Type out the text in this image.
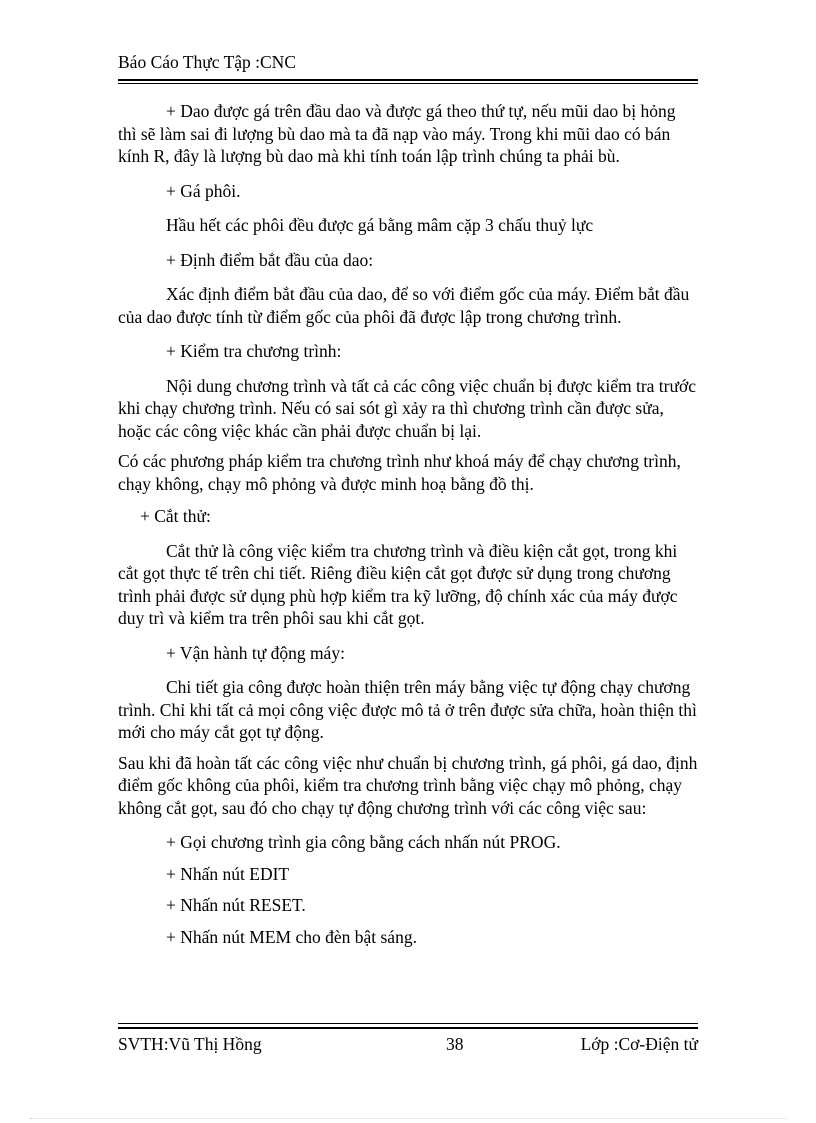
Báo Cáo Thực Tập :CNC

+ Dao được gá trên đầu dao và được gá theo thứ tự, nếu mũi dao bị hỏng thì sẽ làm sai đi lượng bù dao mà ta đã nạp vào máy. Trong khi mũi dao có bán kính R, đây là lượng bù dao mà khi tính toán lập trình chúng ta phải bù.

+ Gá phôi.

Hầu hết các phôi đều được gá bằng mâm cặp 3 chấu thuỷ lực

+ Định điểm bắt đầu của dao:

Xác định điểm bắt đầu của dao, để so với điểm gốc của máy. Điểm bắt đầu của dao được tính từ điểm gốc của phôi đã được lập trong chương trình.

+ Kiểm tra chương trình:

Nội dung chương trình và tất cả các công việc chuẩn bị được kiểm tra trước khi chạy chương trình. Nếu có sai sót gì xảy ra thì chương trình cần được sửa, hoặc các công việc khác cần phải được chuẩn bị lại.

Có các phương pháp kiểm tra chương trình như khoá máy để chạy chương trình, chạy không, chạy mô phỏng và được minh hoạ bằng đồ thị.

+ Cắt thử:

Cắt thử là công việc kiểm tra chương trình và điều kiện cắt gọt, trong khi cắt gọt thực tế trên chi tiết. Riêng điều kiện cắt gọt được sử dụng trong chương trình phải được sử dụng phù hợp kiểm tra kỹ lưỡng, độ chính xác của máy được duy trì và kiểm tra trên phôi sau khi cắt gọt.

+ Vận hành tự động máy:

Chi tiết gia công được hoàn thiện trên máy bằng việc tự động chạy chương trình. Chỉ khi tất cả mọi công việc được mô tả ở trên được sửa chữa, hoàn thiện thì mới cho máy cắt gọt tự động.

Sau khi đã hoàn tất các công việc như chuẩn bị chương trình, gá phôi, gá dao, định điểm gốc không của phôi, kiểm tra chương trình bằng việc chạy mô phỏng, chạy không cắt gọt, sau đó cho chạy tự động chương trình với các công việc sau:

+ Gọi chương trình gia công bằng cách nhấn nút PROG.

+ Nhấn nút EDIT

+ Nhấn nút RESET.

+ Nhấn nút MEM cho đèn bật sáng.

SVTH:Vũ Thị Hồng	38	Lớp :Cơ-Điện tử
